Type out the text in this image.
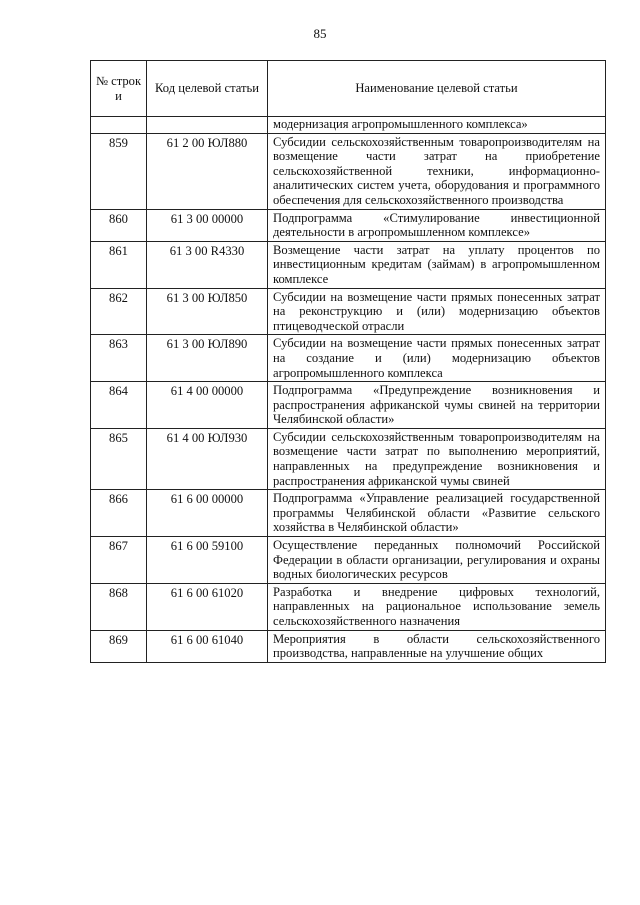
85
№ строк и	Код целевой статьи	Наименование целевой статьи
		модернизация агропромышленного комплекса»
859	61 2 00 ЮЛ880	Субсидии сельскохозяйственным товаропроизводителям на возмещение части затрат на приобретение сельскохозяйственной техники, информационно-аналитических систем учета, оборудования и программного обеспечения для сельскохозяйственного производства
860	61 3 00 00000	Подпрограмма «Стимулирование инвестиционной деятельности в агропромышленном комплексе»
861	61 3 00 R4330	Возмещение части затрат на уплату процентов по инвестиционным кредитам (займам) в агропромышленном комплексе
862	61 3 00 ЮЛ850	Субсидии на возмещение части прямых понесенных затрат на реконструкцию и (или) модернизацию объектов птицеводческой отрасли
863	61 3 00 ЮЛ890	Субсидии на возмещение части прямых понесенных затрат на создание и (или) модернизацию объектов агропромышленного комплекса
864	61 4 00 00000	Подпрограмма «Предупреждение возникновения и распространения африканской чумы свиней на территории Челябинской области»
865	61 4 00 ЮЛ930	Субсидии сельскохозяйственным товаропроизводителям на возмещение части затрат по выполнению мероприятий, направленных на предупреждение возникновения и распространения африканской чумы свиней
866	61 6 00 00000	Подпрограмма «Управление реализацией государственной программы Челябинской области «Развитие сельского хозяйства в Челябинской области»
867	61 6 00 59100	Осуществление переданных полномочий Российской Федерации в области организации, регулирования и охраны водных биологических ресурсов
868	61 6 00 61020	Разработка и внедрение цифровых технологий, направленных на рациональное использование земель сельскохозяйственного назначения
869	61 6 00 61040	Мероприятия в области сельскохозяйственного производства, направленные на улучшение общих
